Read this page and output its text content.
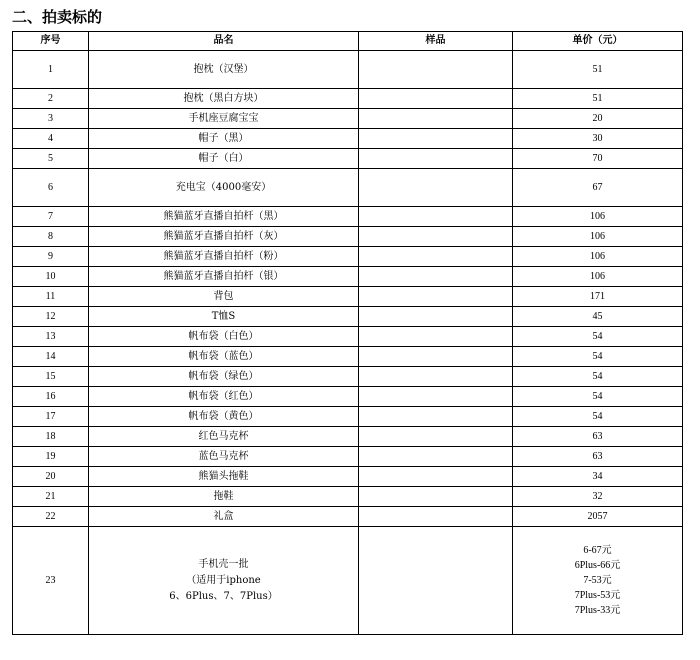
二、拍卖标的
序号	品名	样品	单价（元）
1	抱枕（汉堡）		51
2	抱枕（黑白方块）		51
3	手机座豆腐宝宝		20
4	帽子（黑）		30
5	帽子（白）		70
6	充电宝（4000毫安）		67
7	熊猫蓝牙直播自拍杆（黑）		106
8	熊猫蓝牙直播自拍杆（灰）		106
9	熊猫蓝牙直播自拍杆（粉）		106
10	熊猫蓝牙直播自拍杆（银）		106
11	背包		171
12	T恤S		45
13	帆布袋（白色）		54
14	帆布袋（蓝色）		54
15	帆布袋（绿色）		54
16	帆布袋（红色）		54
17	帆布袋（黄色）		54
18	红色马克杯		63
19	蓝色马克杯		63
20	熊猫头拖鞋		34
21	拖鞋		32
22	礼盒		2057
23	手机壳一批
（适用于iphone
6、6Plus、7、7Plus）		6-67元
6Plus-66元
7-53元
7Plus-53元
7Plus-33元
